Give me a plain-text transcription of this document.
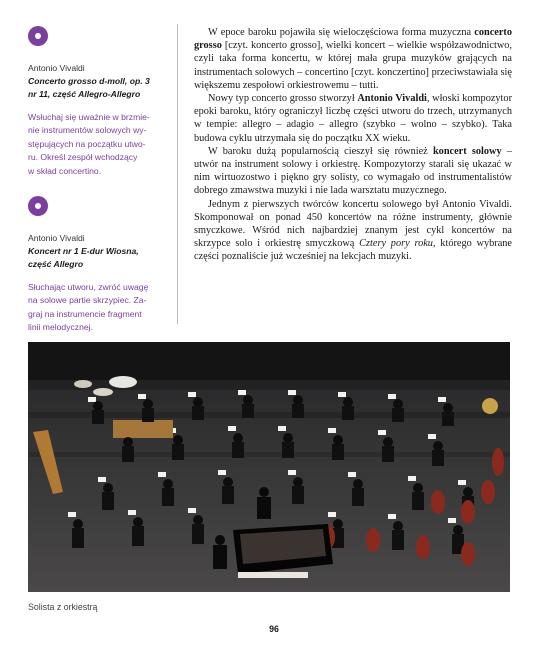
Antonio Vivaldi
Concerto grosso d-moll, op. 3
nr 11, część Allegro-Allegro
Wsłuchaj się uważnie w brzmie-
nie instrumentów solowych wy-
stępujących na początku utwo-
ru. Określ zespół wchodzący
w skład concertino.
Antonio Vivaldi
Koncert nr 1 E-dur Wiosna,
część Allegro
Słuchając utworu, zwróć uwagę
na solowe partie skrzypiec. Za-
graj na instrumencie fragment
linii melodycznej.

W epoce baroku pojawiła się wieloczęściowa forma muzyczna concerto grosso [czyt. koncerto grosso], wielki koncert – wielkie współzawodnictwo, czyli taka forma koncertu, w której mała grupa muzyków grających na instrumentach solowych – concertino [czyt. konczertino] przeciwstawiała się większemu zespołowi orkiestrowemu – tutti.

Nowy typ concerto grosso stworzył Antonio Vivaldi, włoski kompozytor epoki baroku, który ograniczył liczbę części utworu do trzech, utrzymanych w tempie: allegro – adagio – allegro (szybko – wolno – szybko). Taka budowa cyklu utrzymała się do początku XX wieku.

W baroku dużą popularnością cieszył się również koncert solowy – utwór na instrument solowy i orkiestrę. Kompozytorzy starali się ukazać w nim wirtuozostwo i piękno gry solisty, co wymagało od instrumentalistów dobrego zmawstwa muzyki i nie lada warsztatu muzycznego.

Jednym z pierwszych twórców koncertu solowego był Antonio Vivaldi. Skomponował on ponad 450 koncertów na różne instrumenty, głównie smyczkowe. Wśród nich najbardziej znanym jest cykl koncertów na skrzypce solo i orkiestrę smyczkową Cztery pory roku, którego wybrane części poznaliście już wcześniej na lekcjach muzyki.

Solista z orkiestrą
96
